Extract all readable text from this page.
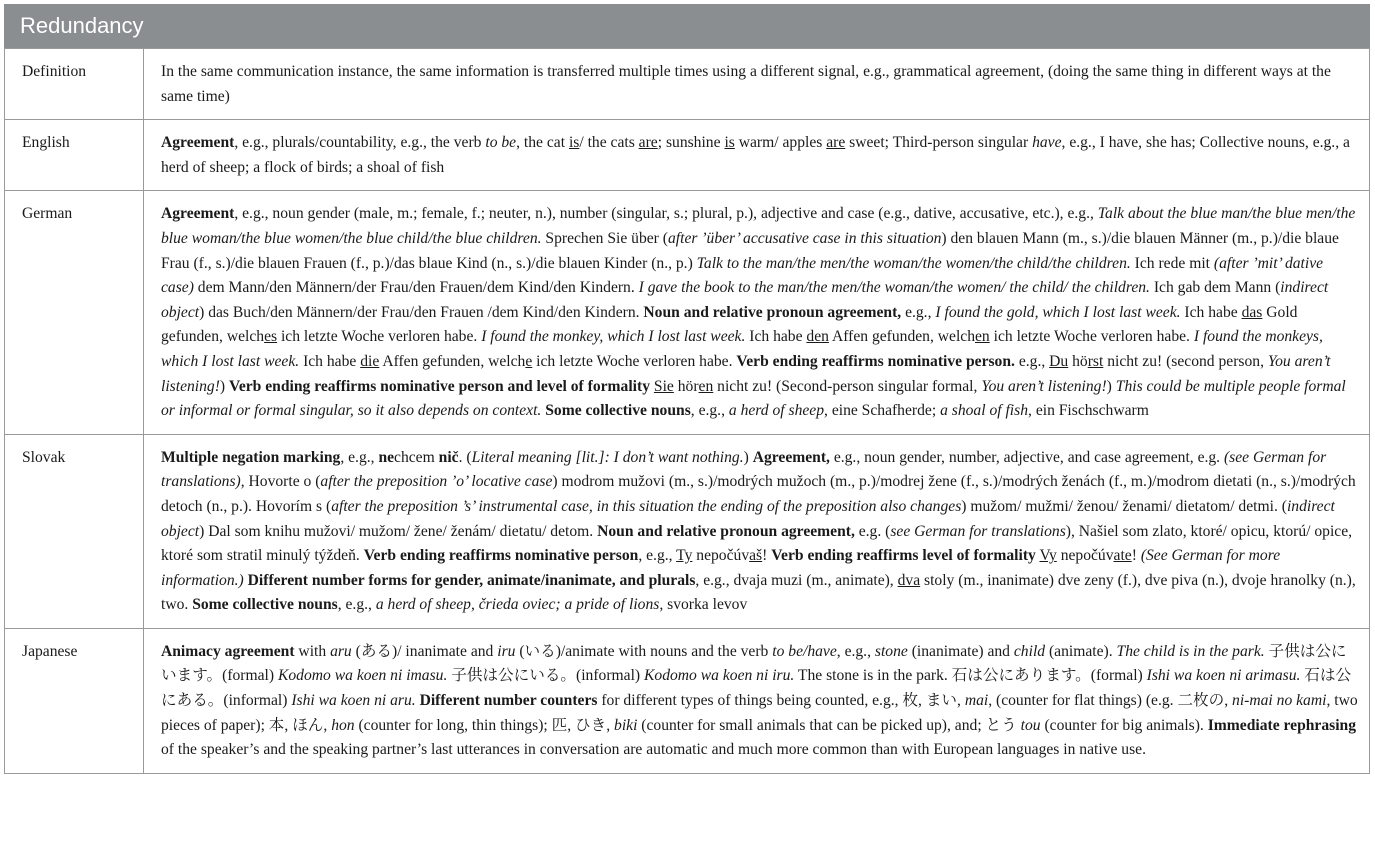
Redundancy
Definition	In the same communication instance, the same information is transferred multiple times using a different signal, e.g., grammatical agreement, (doing the same thing in different ways at the same time)
English	Agreement, e.g., plurals/countability, e.g., the verb to be, the cat is/ the cats are; sunshine is warm/ apples are sweet; Third-person singular have, e.g., I have, she has; Collective nouns, e.g., a herd of sheep; a flock of birds; a shoal of fish
German	Agreement, e.g., noun gender (male, m.; female, f.; neuter, n.), number (singular, s.; plural, p.), adjective and case (e.g., dative, accusative, etc.), e.g., Talk about the blue man/the blue men/the blue woman/the blue women/the blue child/the blue children. Sprechen Sie über (after ’über’ accusative case in this situation) den blauen Mann (m., s.)/die blauen Männer (m., p.)/die blaue Frau (f., s.)/die blauen Frauen (f., p.)/das blaue Kind (n., s.)/die blauen Kinder (n., p.) Talk to the man/the men/the woman/the women/the child/the children. Ich rede mit (after ’mit’ dative case) dem Mann/den Männern/der Frau/den Frauen/dem Kind/den Kindern. I gave the book to the man/the men/the woman/the women/ the child/ the children. Ich gab dem Mann (indirect object) das Buch/den Männern/der Frau/den Frauen /dem Kind/den Kindern. Noun and relative pronoun agreement, e.g., I found the gold, which I lost last week. Ich habe das Gold gefunden, welches ich letzte Woche verloren habe. I found the monkey, which I lost last week. Ich habe den Affen gefunden, welchen ich letzte Woche verloren habe. I found the monkeys, which I lost last week. Ich habe die Affen gefunden, welche ich letzte Woche verloren habe. Verb ending reaffirms nominative person. e.g., Du hörst nicht zu! (second person, You aren’t listening!) Verb ending reaffirms nominative person and level of formality Sie hören nicht zu! (Second-person singular formal, You aren’t listening!) This could be multiple people formal or informal or formal singular, so it also depends on context. Some collective nouns, e.g., a herd of sheep, eine Schafherde; a shoal of fish, ein Fischschwarm
Slovak	Multiple negation marking, e.g., nechcem nič. (Literal meaning [lit.]: I don’t want nothing.) Agreement, e.g., noun gender, number, adjective, and case agreement, e.g. (see German for translations), Hovorte o (after the preposition ’o’ locative case) modrom mužovi (m., s.)/modrých mužoch (m., p.)/modrej žene (f., s.)/modrých ženách (f., m.)/modrom dietati (n., s.)/modrých detoch (n., p.). Hovorím s (after the preposition ’s’ instrumental case, in this situation the ending of the preposition also changes) mužom/ mužmi/ ženou/ ženami/ dietatom/ detmi. (indirect object) Dal som knihu mužovi/ mužom/ žene/ ženám/ dietatu/ detom. Noun and relative pronoun agreement, e.g. (see German for translations), Našiel som zlato, ktoré/ opicu, ktorú/ opice, ktoré som stratil minulý týždeň. Verb ending reaffirms nominative person, e.g., Ty nepočúvaš! Verb ending reaffirms level of formality Vy nepočúvate! (See German for more information.) Different number forms for gender, animate/inanimate, and plurals, e.g., dvaja muzi (m., animate), dva stoly (m., inanimate) dve zeny (f.), dve piva (n.), dvoje hranolky (n.), two. Some collective nouns, e.g., a herd of sheep, črieda oviec; a pride of lions, svorka levov
Japanese	Animacy agreement with aru (ある)/ inanimate and iru (いる)/animate with nouns and the verb to be/have, e.g., stone (inanimate) and child (animate). The child is in the park. 子供は公にいます。(formal) Kodomo wa koen ni imasu. 子供は公にいる。(informal) Kodomo wa koen ni iru. The stone is in the park. 石は公にあります。(formal) Ishi wa koen ni arimasu. 石は公にある。(informal) Ishi wa koen ni aru. Different number counters for different types of things being counted, e.g., 枚, まい, mai, (counter for flat things) (e.g. 二枚の, ni-mai no kami, two pieces of paper); 本, ほん, hon (counter for long, thin things); 匹, ひき, biki (counter for small animals that can be picked up), and; とう tou (counter for big animals). Immediate rephrasing of the speaker’s and the speaking partner’s last utterances in conversation are automatic and much more common than with European languages in native use.
